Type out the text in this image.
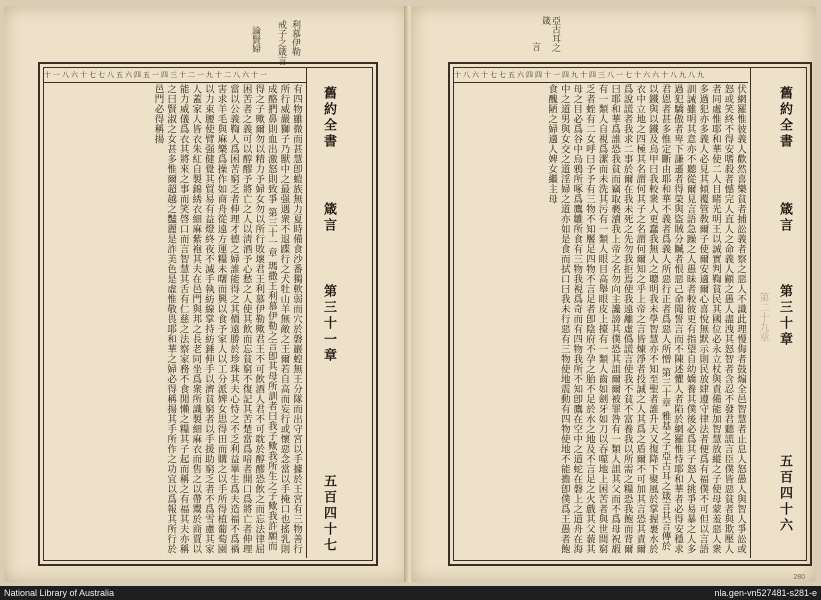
十一八六十七七八五六四五一四三十二一九十二八六十一
有四物雖微而甚慧卽螘族無力夏時備食沙番獨軟弱而穴於磐巖蝗無王分隊而出守宮以手據於王宮有三物善行所行威嚴獅子乃獸中之最强遇衆不退蹀行之犬牡山羊無敵之王爾若自高而妄行或懷惡念當以手掩口也搖乳則成酪捫鼻則血出激怒則致爭 第三十一章 瑪撒王利慕伊勒之言卽其母所訓者曰我子歟我所生之子歟我許願而得之子歟爾勿以精力予婦女勿以所行敗壞君王利慕伊勒歟君王不可飲酒人君不可耽於醇醪恐飲之而忘法律屈困苦者之義可以醇醪予將亡之人以淸酒予心愁之人使其飲而忘貧窮不復記其苦楚當爲喑者開口爲將亡者伸理當以公義鞫人爲困苦窮乏者伸理才德之婦誰能得之其價遠勝於珍珠其夫心恃之不乏利益畢生爲夫造福不爲禍害求羊毛與麻樂爲操作如商舟從遠方運糧未曙而興以食予家人以工分派婢女思得田而購之以手所得植葡萄園以力束腰使臂强健覺其貿易有益燈終夜不滅手執紡線掌持紡錘伸手以濟貧窮者以手援助窮乏者不爲雪慮其家人蓋家人皆衣朱紅自製錦綉衣細麻紫袍其夫在邑門與邦之長老同坐爲衆所識製細麻衣而售之以帶鬻於商賈以能力威儀爲衣其將來之事而笑啓口而言智慧其舌有仁慈之法察家務不食閒懶之糧其子起而稱之有福其夫亦稱之曰賢淑之女甚多惟爾超越之豔麗是詐美色是虛惟敬畏耶和華之婦必得稱揚其手所作之功宜以爲報其所行於邑門必得稱揚	舊約全書
箴言
第三十一章
五百四十七
利慕伊勒
戒子之箴言
論賢婦
十八六十七七五六四四十一四九十四三八一七十六六十八九八九
伏網羅惟彼義人歡然喜樂貧者捕訟義者察之惡人不識此理慢侮者鼓煽全邑智慧者止息人怒愚人與智人爭訟或怒或笑終不得安嗜殺者憾完人直人之命義人顧之愚人盡洩其怒智者含忍不發君聽謊言臣僕皆惡貧者與欺壓人者同處惟耶和華使二人目睹光明王以誠實判鞫貧民其國位必永立杖與責備能加智慧放縱之子使母蒙羞惡人衆多過犯亦多義人必見其傾覆管敎爾子使爾安適爾心喜悅無默示則民放肆遵守律法者便爲有福僕不可但以言語訓誡雖明其意亦不聽從爾見言語急躁之人愚昧者較彼更有指望自幼嬌養其僕後必爲其子怒人挑爭易暴之人多過犯驕傲者卑下謙遜者得榮與盜賊分贓者恨惡己命聞誓言而不陳述懼人者陷於網羅惟恃耶和華者必得安穩求君恩者甚多惟定斷由耶和華不義者爲義人所惡行正者爲惡人所憎 第三十章 雅基之子亞古耳之箴言其言傳於以鐵與以鐵及烏甲曰我較衆人更蠢我無人之聰明我未學智慧亦不知至聖者誰升天又復降下聚風於掌握裹水於衣中立地之四極其名謂何其子之名謂何爾知之乎上帝之言皆煉淨者投誠之人其爲之盾爾不可加其言恐其責爾爲說謊者我求二事於爾在我未死之先勿我拒焉使我遠離虛僞謊言使我不貧不富養我以所需之糧恐我飽而背爾曰耶和華爲誰恐我貧而竊取褻瀆我上帝之名勿向主讒謗其僕恐其詛爾爾被罪咎有一類人詛其父而不爲母祝嘏有一類人自視爲潔而未洗其污有一類人眼目高舉眼皮上擡有一類人齒如劍牙如刀以吞噬地上困苦者與世間窮乏者蛭有二女呼曰予予有三物不知饜足四物不言足者卽陰府不孕之胎不足於水之地及不言足之火戲其父藐其母之目必爲谷中烏鴉所啄爲鷹雛所食有三物我視爲奇而有四物我所不知卽鷹在空中之道蛇在磐上之道舟在海中之道男與女交之道淫婦之道亦如是食而拭口曰我未行惡有三物使地震動有四物使地不能擔卽僕爲王愚者飽食醜陋之婦適人婢女繼主母	舊約全書
箴言
第三十章
第二十九章
五百四十六
亞古耳之箴
言
280
National Library of Australia	nla.gen-vn527481-s281-e
